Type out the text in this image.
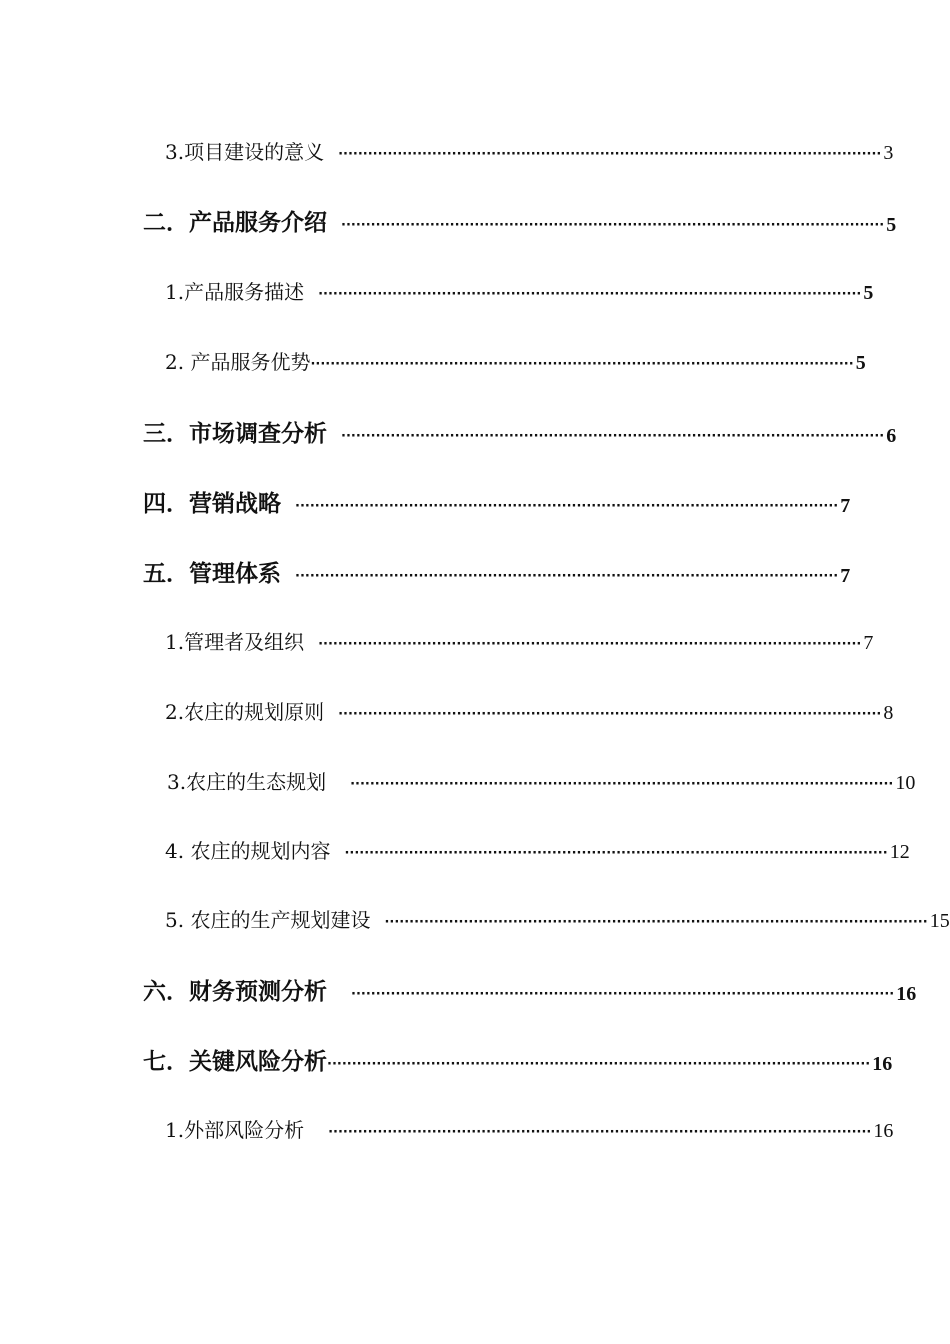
3.项目建设的意义 ·············································································································· 3
二．产品服务介绍 ·············································································································· 5
1.产品服务描述 ·············································································································· 5
2. 产品服务优势 ·············································································································· 5
三．市场调查分析 ·············································································································· 6
四．营销战略 ·············································································································· 7
五．管理体系 ·············································································································· 7
1.管理者及组织 ·············································································································· 7
2.农庄的规划原则 ·············································································································· 8
3.农庄的生态规划 ·············································································································· 10
4. 农庄的规划内容 ·············································································································· 12
5. 农庄的生产规划建设 ·············································································································· 15
六．财务预测分析 ·············································································································· 16
七．关键风险分析 ·············································································································· 16
1.外部风险分析 ·············································································································· 16
